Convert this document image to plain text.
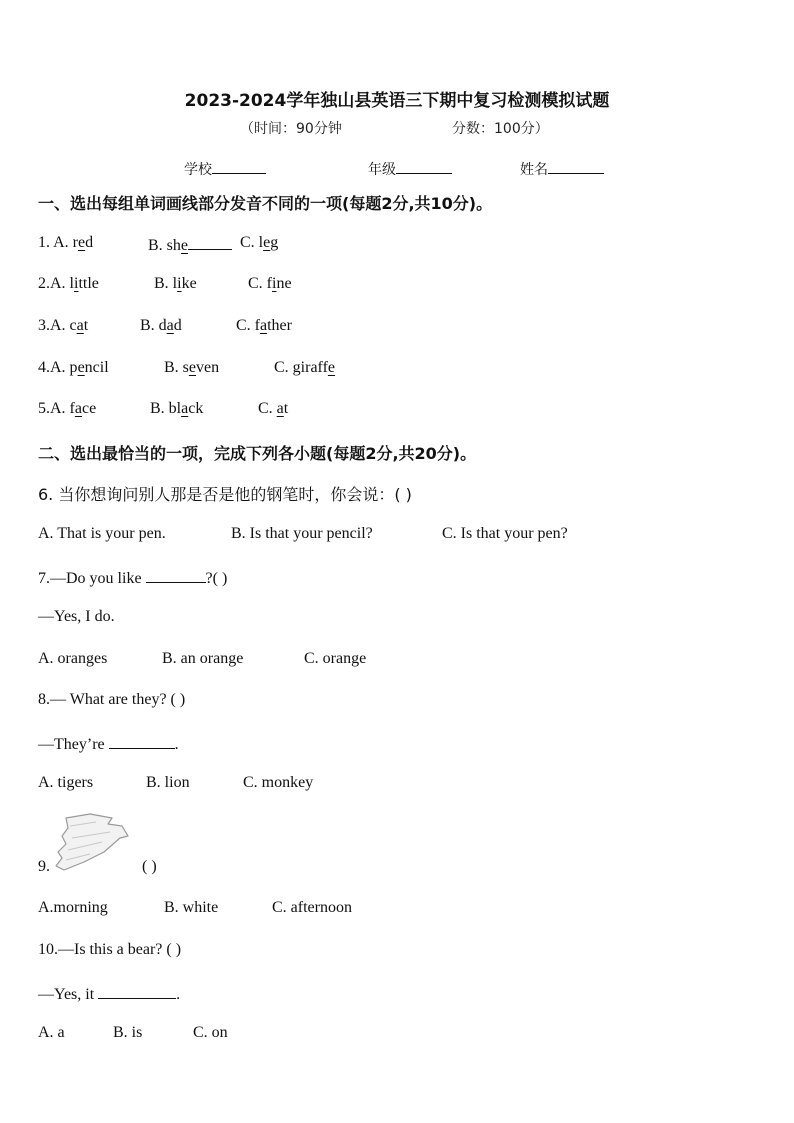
2023-2024学年独山县英语三下期中复习检测模拟试题
（时间：90分钟	分数：100分）
学校	年级	姓名
一、选出每组单词画线部分发音不同的一项(每题2分,共10分)。
1. A. red	B. she	C. leg
2.A. little	B. like	C. fine
3.A. cat	B. dad	C. father
4.A. pencil	B. seven	C. giraffe
5.A. face	B. black	C. at
二、选出最恰当的一项，完成下列各小题(每题2分,共20分)。
6. 当你想询问别人那是否是他的钢笔时，你会说：( )
A. That is your pen.	B. Is that your pencil?	C. Is that your pen?
7.—Do you like	?( )
—Yes, I do.
A. oranges	B. an orange	C. orange
8.— What are they? ( )
—They’re	.
A. tigers	B. lion	C. monkey
9.	( )
A.morning	B. white	C. afternoon
10.—Is this a bear? ( )
—Yes, it	.
A. a	B. is	C. on
